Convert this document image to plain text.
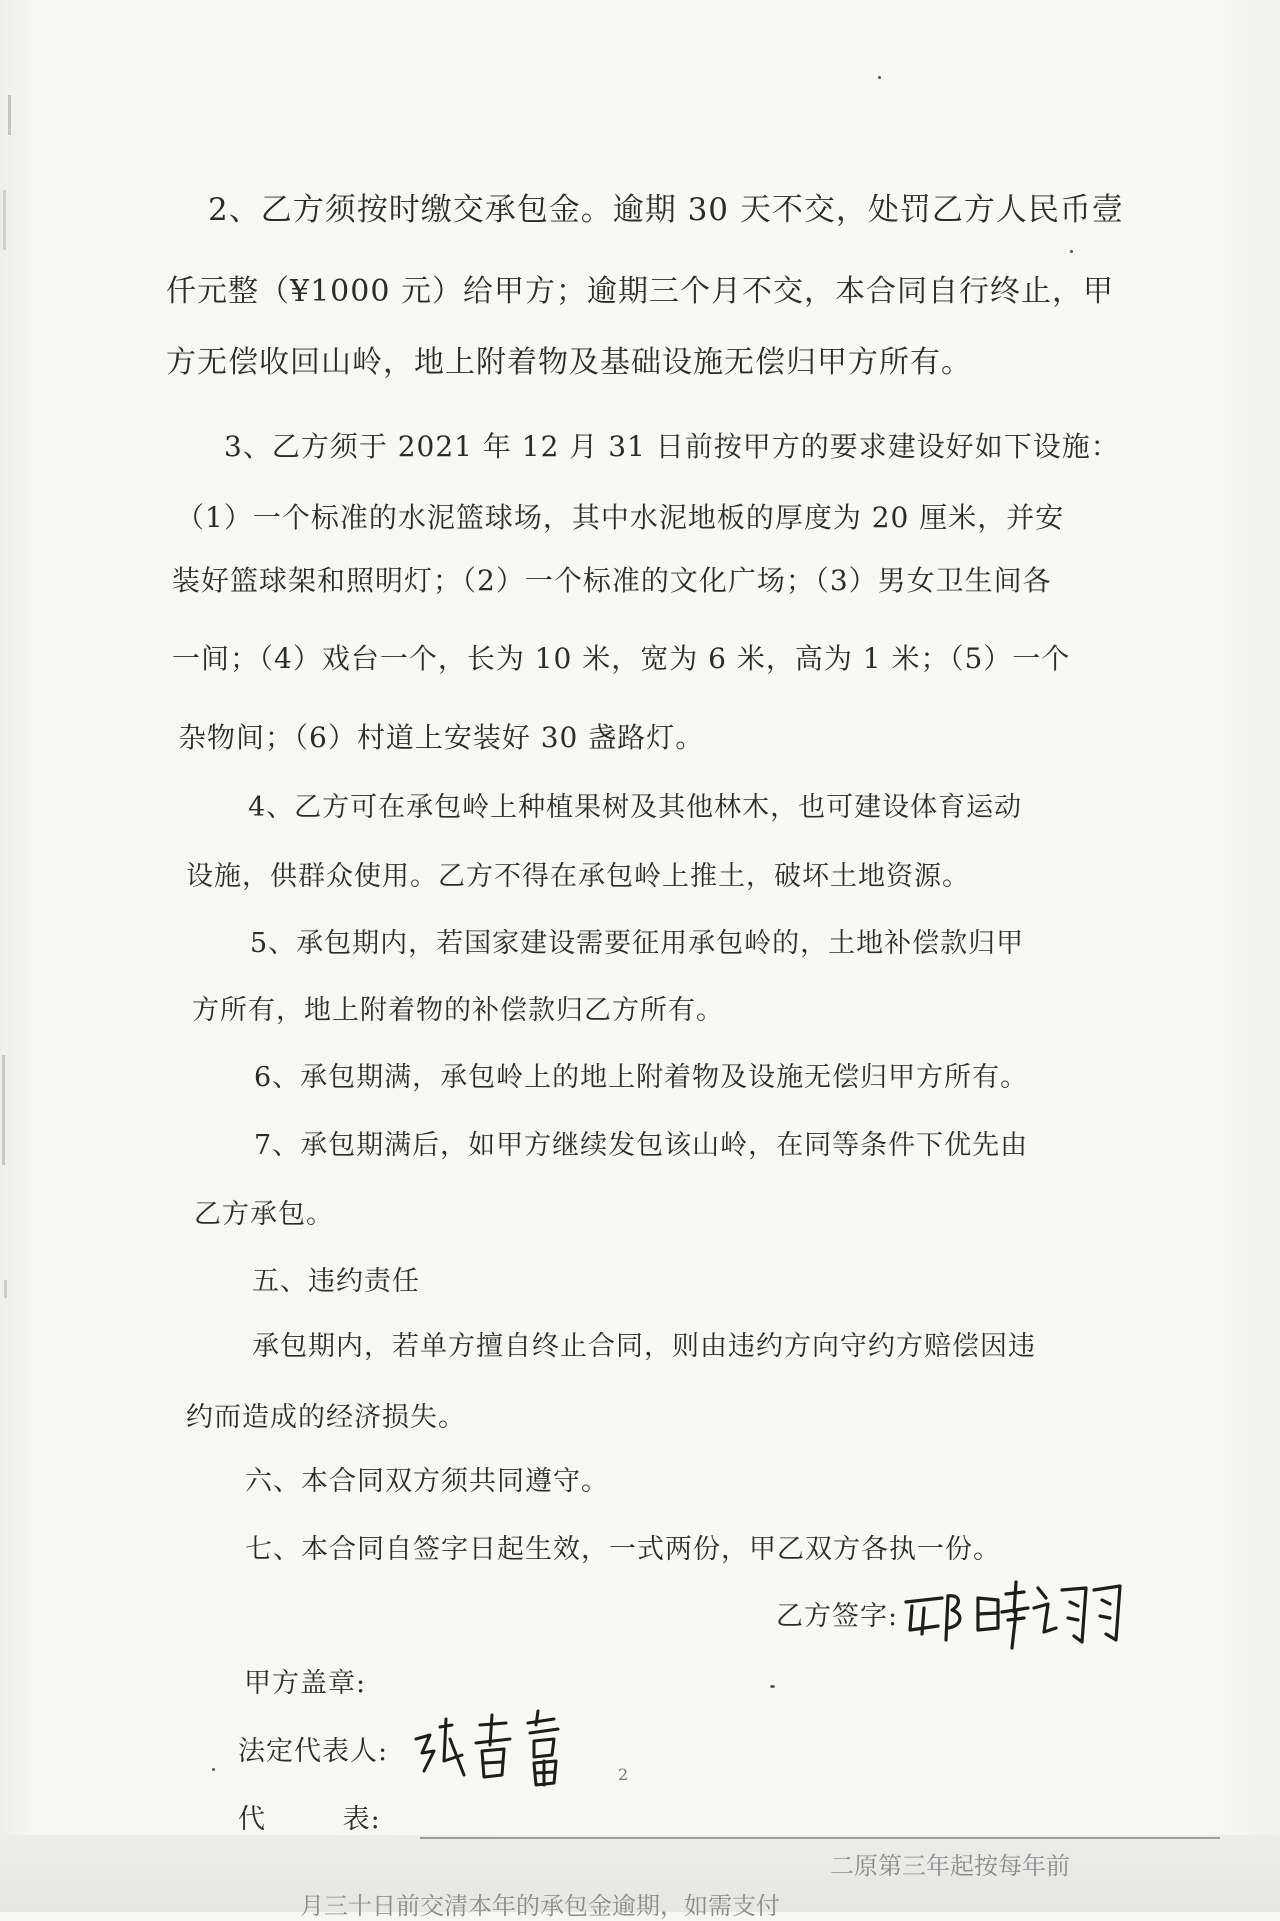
2、乙方须按时缴交承包金。逾期 30 天不交，处罚乙方人民币壹
仟元整（¥1000 元）给甲方；逾期三个月不交，本合同自行终止，甲
方无偿收回山岭，地上附着物及基础设施无偿归甲方所有。
3、乙方须于 2021 年 12 月 31 日前按甲方的要求建设好如下设施：
（1）一个标准的水泥篮球场，其中水泥地板的厚度为 20 厘米，并安
装好篮球架和照明灯；（2）一个标准的文化广场；（3）男女卫生间各
一间；（4）戏台一个，长为 10 米，宽为 6 米，高为 1 米；（5）一个
杂物间；（6）村道上安装好 30 盏路灯。
4、乙方可在承包岭上种植果树及其他林木，也可建设体育运动
设施，供群众使用。乙方不得在承包岭上推土，破坏土地资源。
5、承包期内，若国家建设需要征用承包岭的，土地补偿款归甲
方所有，地上附着物的补偿款归乙方所有。
6、承包期满，承包岭上的地上附着物及设施无偿归甲方所有。
7、承包期满后，如甲方继续发包该山岭，在同等条件下优先由
乙方承包。
五、违约责任
承包期内，若单方擅自终止合同，则由违约方向守约方赔偿因违
约而造成的经济损失。
六、本合同双方须共同遵守。
七、本合同自签字日起生效，一式两份，甲乙双方各执一份。
乙方签字:
甲方盖章:
法定代表人:
代        表:
2
二原第三年起按每年前
月三十日前交清本年的承包金逾期，如需支付
